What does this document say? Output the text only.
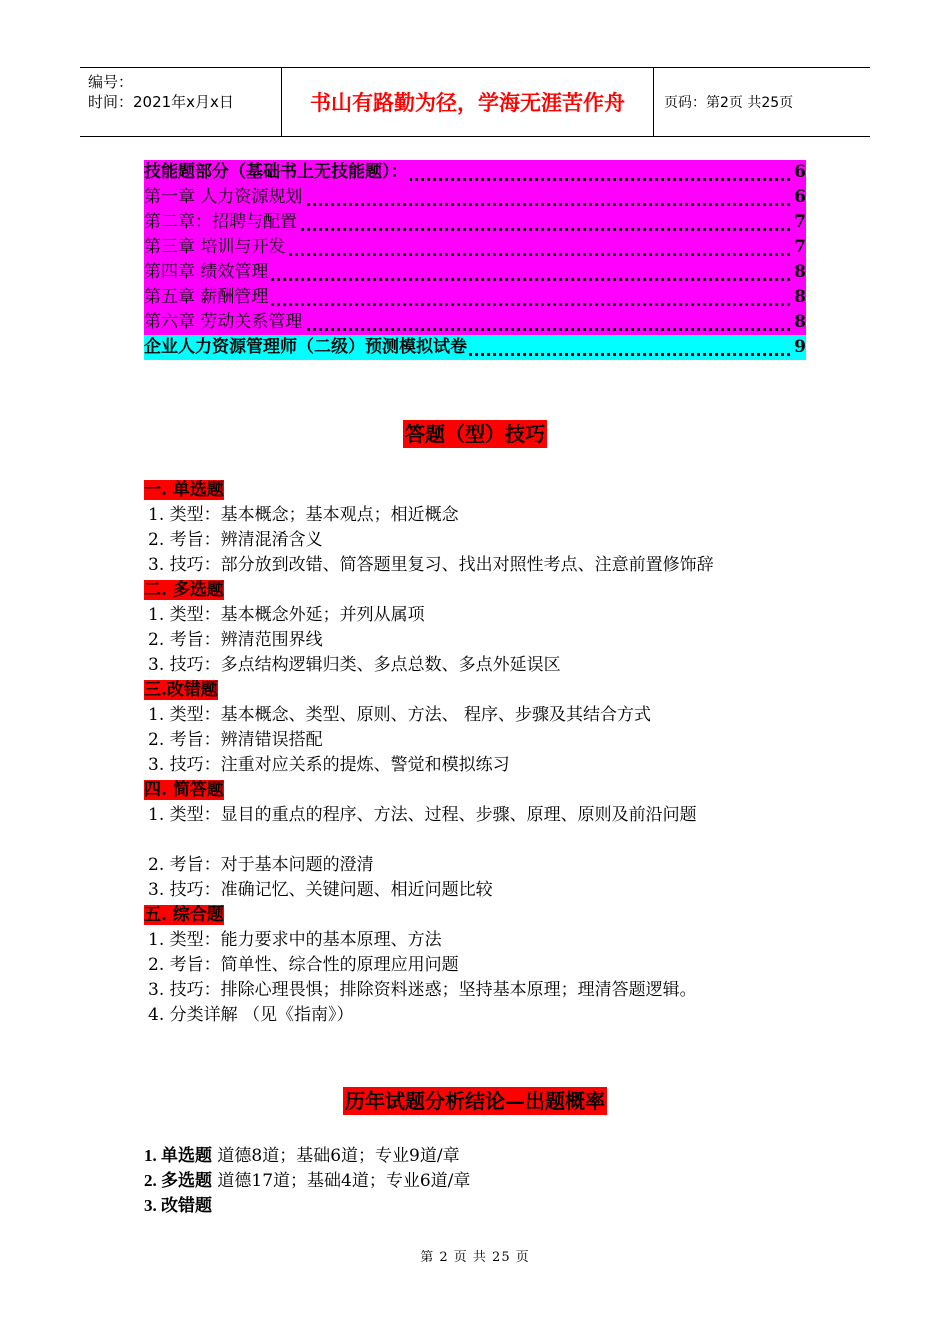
编号：
时间：2021年x月x日	书山有路勤为径，学海无涯苦作舟	页码：第2页 共25页
技能题部分（基础书上无技能题）：	6
第一章 人力资源规划	6
第二章：招聘与配置	7
第三章 培训与开发	7
第四章 绩效管理	8
第五章 薪酬管理	8
第六章 劳动关系管理	8
企业人力资源管理师（二级）预测模拟试卷	9
答题（型）技巧
一. 单选题
1. 类型：基本概念；基本观点；相近概念
2. 考旨：辨清混淆含义
3. 技巧：部分放到改错、简答题里复习、找出对照性考点、注意前置修饰辞
二. 多选题
1. 类型：基本概念外延；并列从属项
2. 考旨：辨清范围界线
3. 技巧：多点结构逻辑归类、多点总数、多点外延误区
三.改错题
1. 类型：基本概念、类型、原则、方法、 程序、步骤及其结合方式
2. 考旨：辨清错误搭配
3. 技巧：注重对应关系的提炼、警觉和模拟练习
四. 简答题
1. 类型：显目的重点的程序、方法、过程、步骤、原理、原则及前沿问题
2. 考旨：对于基本问题的澄清
3. 技巧：准确记忆、关键问题、相近问题比较
五. 综合题
1. 类型：能力要求中的基本原理、方法
2. 考旨：简单性、综合性的原理应用问题
3. 技巧：排除心理畏惧；排除资料迷惑；坚持基本原理；理清答题逻辑。
4. 分类详解 （见《指南》）
历年试题分析结论—出题概率
1. 单选题 道德8道；基础6道；专业9道/章
2. 多选题 道德17道；基础4道；专业6道/章
3. 改错题
第 2 页 共 25 页
